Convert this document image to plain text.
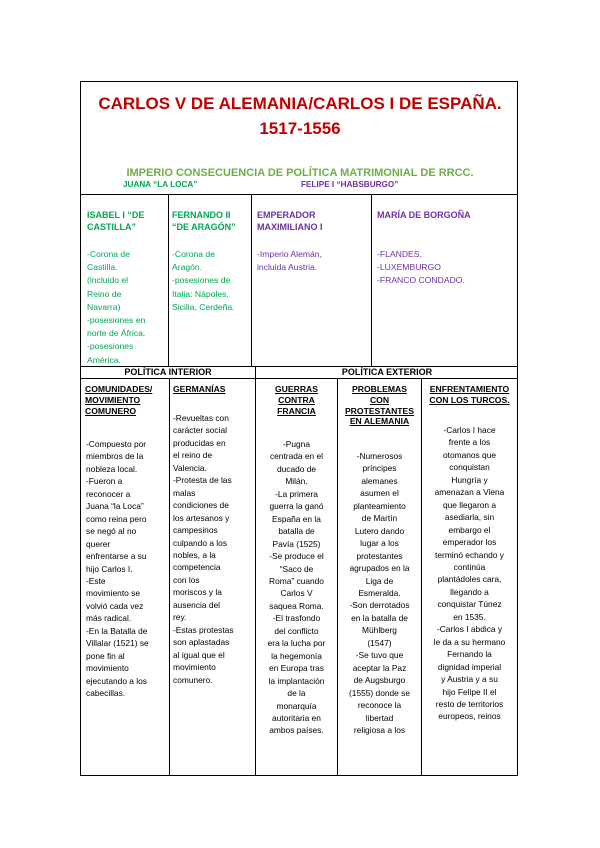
CARLOS V DE ALEMANIA/CARLOS I DE ESPAÑA.
1517-1556
IMPERIO CONSECUENCIA DE POLÍTICA MATRIMONIAL DE RRCC.
JUANA “LA LOCA”	FELIPE I “HABSBURGO”
ISABEL I “DE
CASTILLA”
-Corona de
Castilla.
(incluido el
Reino de
Navarra)
-posesiones en
norte de África.
-posesiones
América.
FERNANDO II
“DE ARAGÓN”
-Corona de
Aragón.
-posesiones de
Italia: Nápoles,
Sicilia, Cerdeña.
EMPERADOR
MAXIMILIANO I
-Imperio Alemán,
incluida Austria.
MARÍA DE BORGOÑA
-FLANDES.
-LUXEMBURGO
-FRANCO CONDADO.
POLÍTICA INTERIOR	POLÍTICA EXTERIOR
COMUNIDADES/
MOVIMIENTO
COMUNERO
-Compuesto por
miembros de la
nobleza local.
-Fueron a
reconocer a
Juana “la Loca”
como reina pero
se negó al no
querer
enfrentarse a su
hijo Carlos I.
-Este
movimiento se
volvió cada vez
más radical.
-En la Batalla de
Villalar (1521) se
pone fin al
movimiento
ejecutando a los
cabecillas.
GERMANÍAS
-Revueltas con
carácter social
producidas en
el reino de
Valencia.
-Protesta de las
malas
condiciones de
los artesanos y
campesinos
culpando a los
nobles, a la
competencia
con los
moriscos y la
ausencia del
rey.
-Estas protestas
son aplastadas
al igual que el
movimiento
comunero.
GUERRAS
CONTRA
FRANCIA
-Pugna
centrada en el
ducado de
Milán.
-La primera
guerra la ganó
España en la
batalla de
Pavía (1525)
-Se produce el
“Saco de
Roma” cuando
Carlos V
saquea Roma.
-El trasfondo
del conflicto
era la lucha por
la hegemonía
en Europa tras
la implantación
de la
monarquía
autoritaria en
ambos países.
PROBLEMAS
CON
PROTESTANTES
EN ALEMANIA
-Numerosos
príncipes
alemanes
asumen el
planteamiento
de Martín
Lutero dando
lugar a los
protestantes
agrupados en la
Liga de
Esmeralda.
-Son derrotados
en la batalla de
Mühlberg
(1547)
-Se tuvo que
aceptar la Paz
de Augsburgo
(1555) donde se
reconoce la
libertad
religiosa a los
ENFRENTAMIENTO
CON LOS TURCOS.
-Carlos I hace
frente a los
otomanos que
conquistan
Hungría y
amenazan a Viena
que llegaron a
asediarla, sin
embargo el
emperador los
terminó echando y
continúa
plantádoles cara,
llegando a
conquistar Túnez
en 1535.
-Carlos I abdica y
le da a su hermano
Fernando la
dignidad imperial
y Austria y a su
hijo Felipe II el
resto de territorios
europeos, reinos
